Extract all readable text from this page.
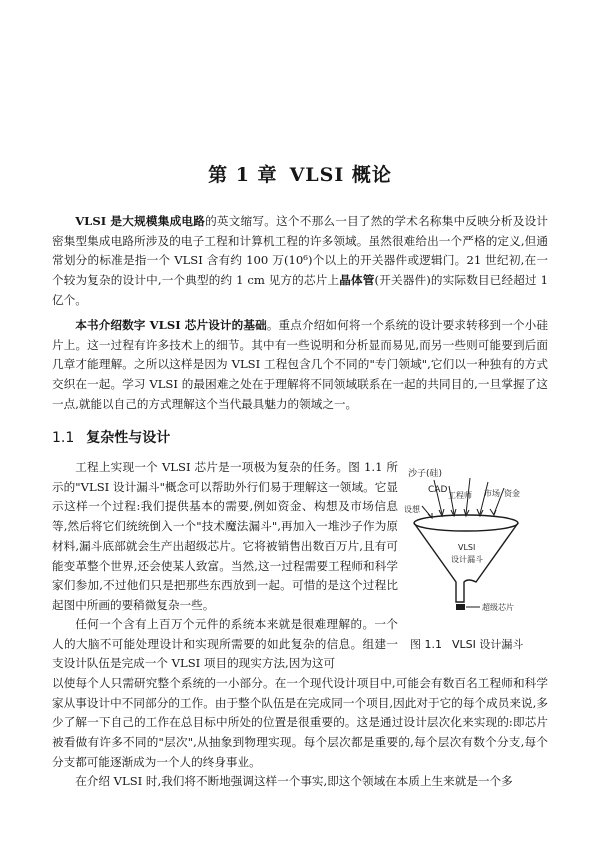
第 1 章 VLSI 概论

VLSI 是大规模集成电路的英文缩写。这个不那么一目了然的学术名称集中反映分析及设计密集型集成电路所涉及的电子工程和计算机工程的许多领域。虽然很难给出一个严格的定义,但通常划分的标准是指一个 VLSI 含有约 100 万(10⁶)个以上的开关器件或逻辑门。21 世纪初,在一个较为复杂的设计中,一个典型的约 1 cm 见方的芯片上晶体管(开关器件)的实际数目已经超过 1 亿个。

本书介绍数字 VLSI 芯片设计的基础。重点介绍如何将一个系统的设计要求转移到一个小硅片上。这一过程有许多技术上的细节。其中有一些说明和分析显而易见,而另一些则可能要到后面几章才能理解。之所以这样是因为 VLSI 工程包含几个不同的"专门领域",它们以一种独有的方式交织在一起。学习 VLSI 的最困难之处在于理解将不同领域联系在一起的共同目的,一旦掌握了这一点,就能以自己的方式理解这个当代最具魅力的领域之一。

1.1 复杂性与设计

工程上实现一个 VLSI 芯片是一项极为复杂的任务。图 1.1 所示的"VLSI 设计漏斗"概念可以帮助外行们易于理解这一领域。它显示这样一个过程:我们提供基本的需要,例如资金、构想及市场信息等,然后将它们统统倒入一个"技术魔法漏斗",再加入一堆沙子作为原材料,漏斗底部就会生产出超级芯片。它将被销售出数百万片,且有可能变革整个世界,还会使某人致富。当然,这一过程需要工程师和科学家们参加,不过他们只是把那些东西放到一起。可惜的是这个过程比起图中所画的要稍微复杂一些。

任何一个含有上百万个元件的系统本来就是很难理解的。一个人的大脑不可能处理设计和实现所需要的如此复杂的信息。组建一支设计队伍是完成一个 VLSI 项目的现实方法,因为这可

以使每个人只需研究整个系统的一小部分。在一个现代设计项目中,可能会有数百名工程师和科学家从事设计中不同部分的工作。由于整个队伍是在完成同一个项目,因此对于它的每个成员来说,多少了解一下自己的工作在总目标中所处的位置是很重要的。这是通过设计层次化来实现的:即芯片被看做有许多不同的"层次",从抽象到物理实现。每个层次都是重要的,每个层次有数个分支,每个分支都可能逐渐成为一个人的终身事业。

在介绍 VLSI 时,我们将不断地强调这样一个事实,即这个领域在本质上生来就是一个多

沙子(硅)
CAD
工程师 市场 资金
设想
VLSI
设计漏斗
超级芯片
图 1.1 VLSI 设计漏斗
